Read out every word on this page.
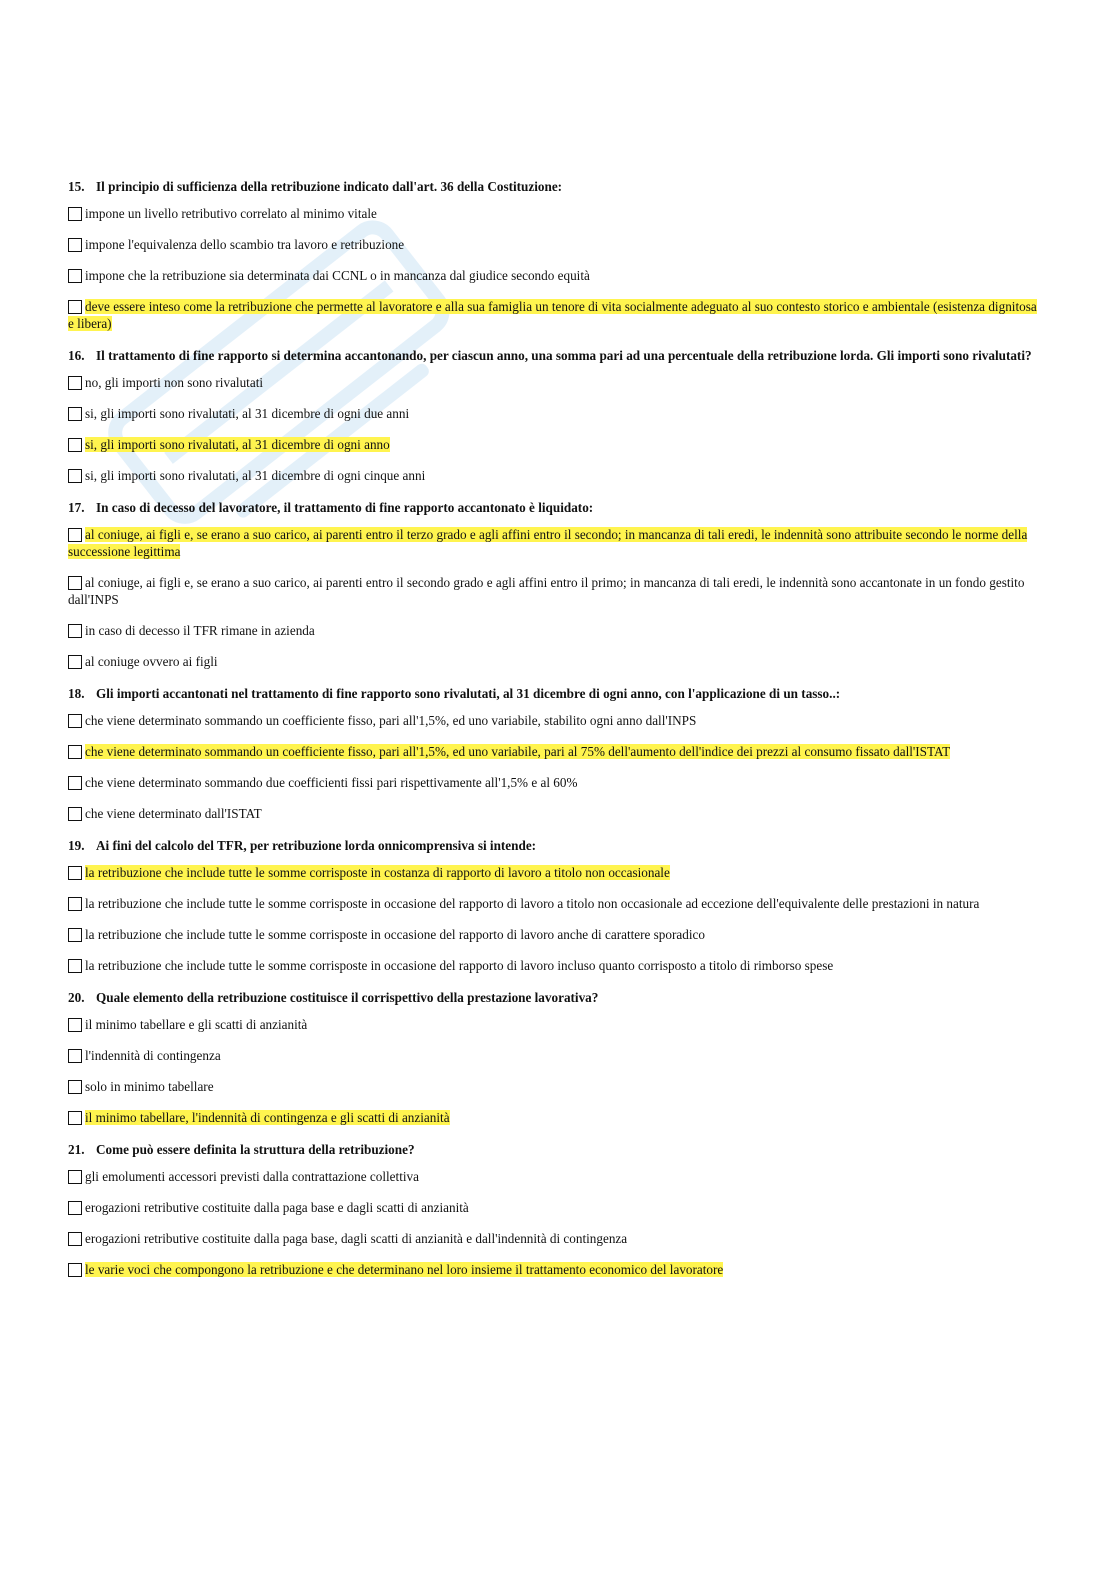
15. Il principio di sufficienza della retribuzione indicato dall'art. 36 della Costituzione:

impone un livello retributivo correlato al minimo vitale
impone l'equivalenza dello scambio tra lavoro e retribuzione
impone che la retribuzione sia determinata dai CCNL o in mancanza dal giudice secondo equità
deve essere inteso come la retribuzione che permette al lavoratore e alla sua famiglia un tenore di vita socialmente adeguato al suo contesto storico e ambientale (esistenza dignitosa e libera)

16. Il trattamento di fine rapporto si determina accantonando, per ciascun anno, una somma pari ad una percentuale della retribuzione lorda. Gli importi sono rivalutati?

no, gli importi non sono rivalutati
si, gli importi sono rivalutati, al 31 dicembre di ogni due anni
si, gli importi sono rivalutati, al 31 dicembre di ogni anno
si, gli importi sono rivalutati, al 31 dicembre di ogni cinque anni

17. In caso di decesso del lavoratore, il trattamento di fine rapporto accantonato è liquidato:

al coniuge, ai figli e, se erano a suo carico, ai parenti entro il terzo grado e agli affini entro il secondo; in mancanza di tali eredi, le indennità sono attribuite secondo le norme della successione legittima
al coniuge, ai figli e, se erano a suo carico, ai parenti entro il secondo grado e agli affini entro il primo; in mancanza di tali eredi, le indennità sono accantonate in un fondo gestito dall'INPS
in caso di decesso il TFR rimane in azienda
al coniuge ovvero ai figli

18. Gli importi accantonati nel trattamento di fine rapporto sono rivalutati, al 31 dicembre di ogni anno, con l'applicazione di un tasso..:

che viene determinato sommando un coefficiente fisso, pari all'1,5%, ed uno variabile, stabilito ogni anno dall'INPS
che viene determinato sommando un coefficiente fisso, pari all'1,5%, ed uno variabile, pari al 75% dell'aumento dell'indice dei prezzi al consumo fissato dall'ISTAT
che viene determinato sommando due coefficienti fissi pari rispettivamente all'1,5% e al 60%
che viene determinato dall'ISTAT

19. Ai fini del calcolo del TFR, per retribuzione lorda onnicomprensiva si intende:

la retribuzione che include tutte le somme corrisposte in costanza di rapporto di lavoro a titolo non occasionale
la retribuzione che include tutte le somme corrisposte in occasione del rapporto di lavoro a titolo non occasionale ad eccezione dell'equivalente delle prestazioni in natura
la retribuzione che include tutte le somme corrisposte in occasione del rapporto di lavoro anche di carattere sporadico
la retribuzione che include tutte le somme corrisposte in occasione del rapporto di lavoro incluso quanto corrisposto a titolo di rimborso spese

20. Quale elemento della retribuzione costituisce il corrispettivo della prestazione lavorativa?

il minimo tabellare e gli scatti di anzianità
l'indennità di contingenza
solo in minimo tabellare
il minimo tabellare, l'indennità di contingenza e gli scatti di anzianità

21. Come può essere definita la struttura della retribuzione?

gli emolumenti accessori previsti dalla contrattazione collettiva
erogazioni retributive costituite dalla paga base e dagli scatti di anzianità
erogazioni retributive costituite dalla paga base, dagli scatti di anzianità e dall'indennità di contingenza
le varie voci che compongono la retribuzione e che determinano nel loro insieme il trattamento economico del lavoratore
